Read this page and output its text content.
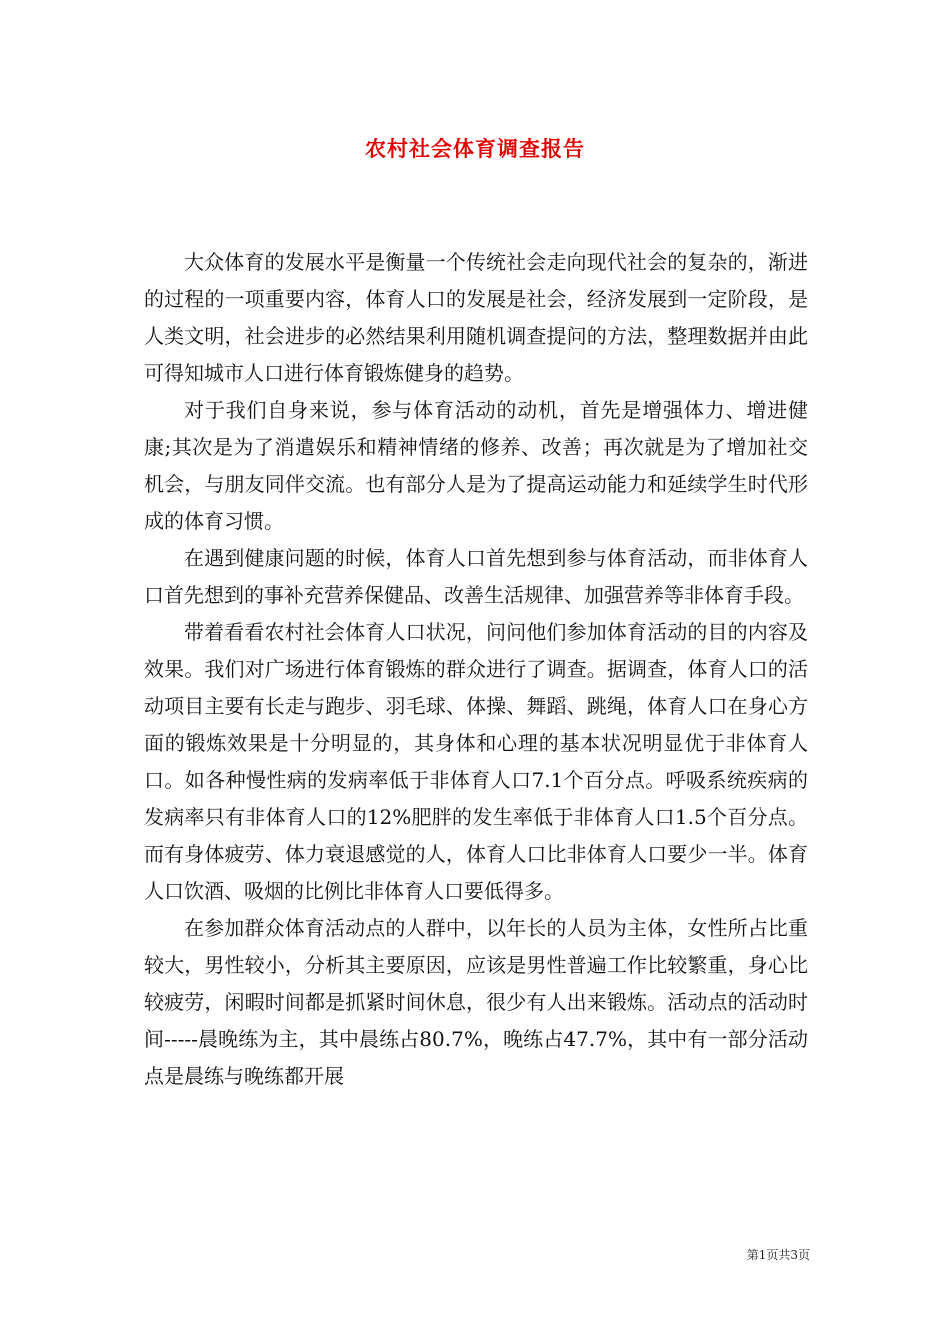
农村社会体育调查报告

大众体育的发展水平是衡量一个传统社会走向现代社会的复杂的，渐进的过程的一项重要内容，体育人口的发展是社会，经济发展到一定阶段，是人类文明，社会进步的必然结果利用随机调查提问的方法，整理数据并由此可得知城市人口进行体育锻炼健身的趋势。

对于我们自身来说，参与体育活动的动机，首先是增强体力、增进健康;其次是为了消遣娱乐和精神情绪的修养、改善；再次就是为了增加社交机会，与朋友同伴交流。也有部分人是为了提高运动能力和延续学生时代形成的体育习惯。

在遇到健康问题的时候，体育人口首先想到参与体育活动，而非体育人口首先想到的事补充营养保健品、改善生活规律、加强营养等非体育手段。

带着看看农村社会体育人口状况，问问他们参加体育活动的目的内容及效果。我们对广场进行体育锻炼的群众进行了调查。据调查，体育人口的活动项目主要有长走与跑步、羽毛球、体操、舞蹈、跳绳，体育人口在身心方面的锻炼效果是十分明显的，其身体和心理的基本状况明显优于非体育人口。如各种慢性病的发病率低于非体育人口7.1个百分点。呼吸系统疾病的发病率只有非体育人口的12%肥胖的发生率低于非体育人口1.5个百分点。而有身体疲劳、体力衰退感觉的人，体育人口比非体育人口要少一半。体育人口饮酒、吸烟的比例比非体育人口要低得多。

在参加群众体育活动点的人群中，以年长的人员为主体，女性所占比重较大，男性较小，分析其主要原因，应该是男性普遍工作比较繁重，身心比较疲劳，闲暇时间都是抓紧时间休息，很少有人出来锻炼。活动点的活动时间-----晨晚练为主，其中晨练占80.7%，晚练占47.7%，其中有一部分活动点是晨练与晚练都开展

第1页共3页
